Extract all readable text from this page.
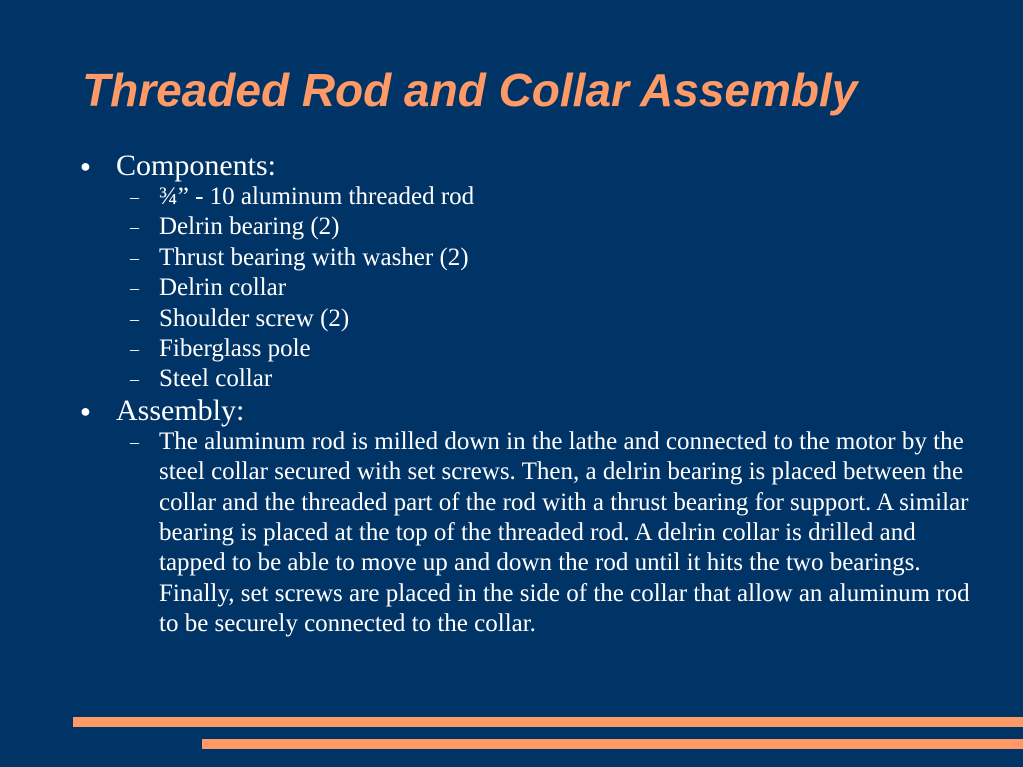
Threaded Rod and Collar Assembly
● Components:
– ¾” - 10 aluminum threaded rod
– Delrin bearing (2)
– Thrust bearing with washer (2)
– Delrin collar
– Shoulder screw (2)
– Fiberglass pole
– Steel collar
● Assembly:
– The aluminum rod is milled down in the lathe and connected to the motor by the steel collar secured with set screws. Then, a delrin bearing is placed between the collar and the threaded part of the rod with a thrust bearing for support. A similar bearing is placed at the top of the threaded rod. A delrin collar is drilled and tapped to be able to move up and down the rod until it hits the two bearings. Finally, set screws are placed in the side of the collar that allow an aluminum rod to be securely connected to the collar.
